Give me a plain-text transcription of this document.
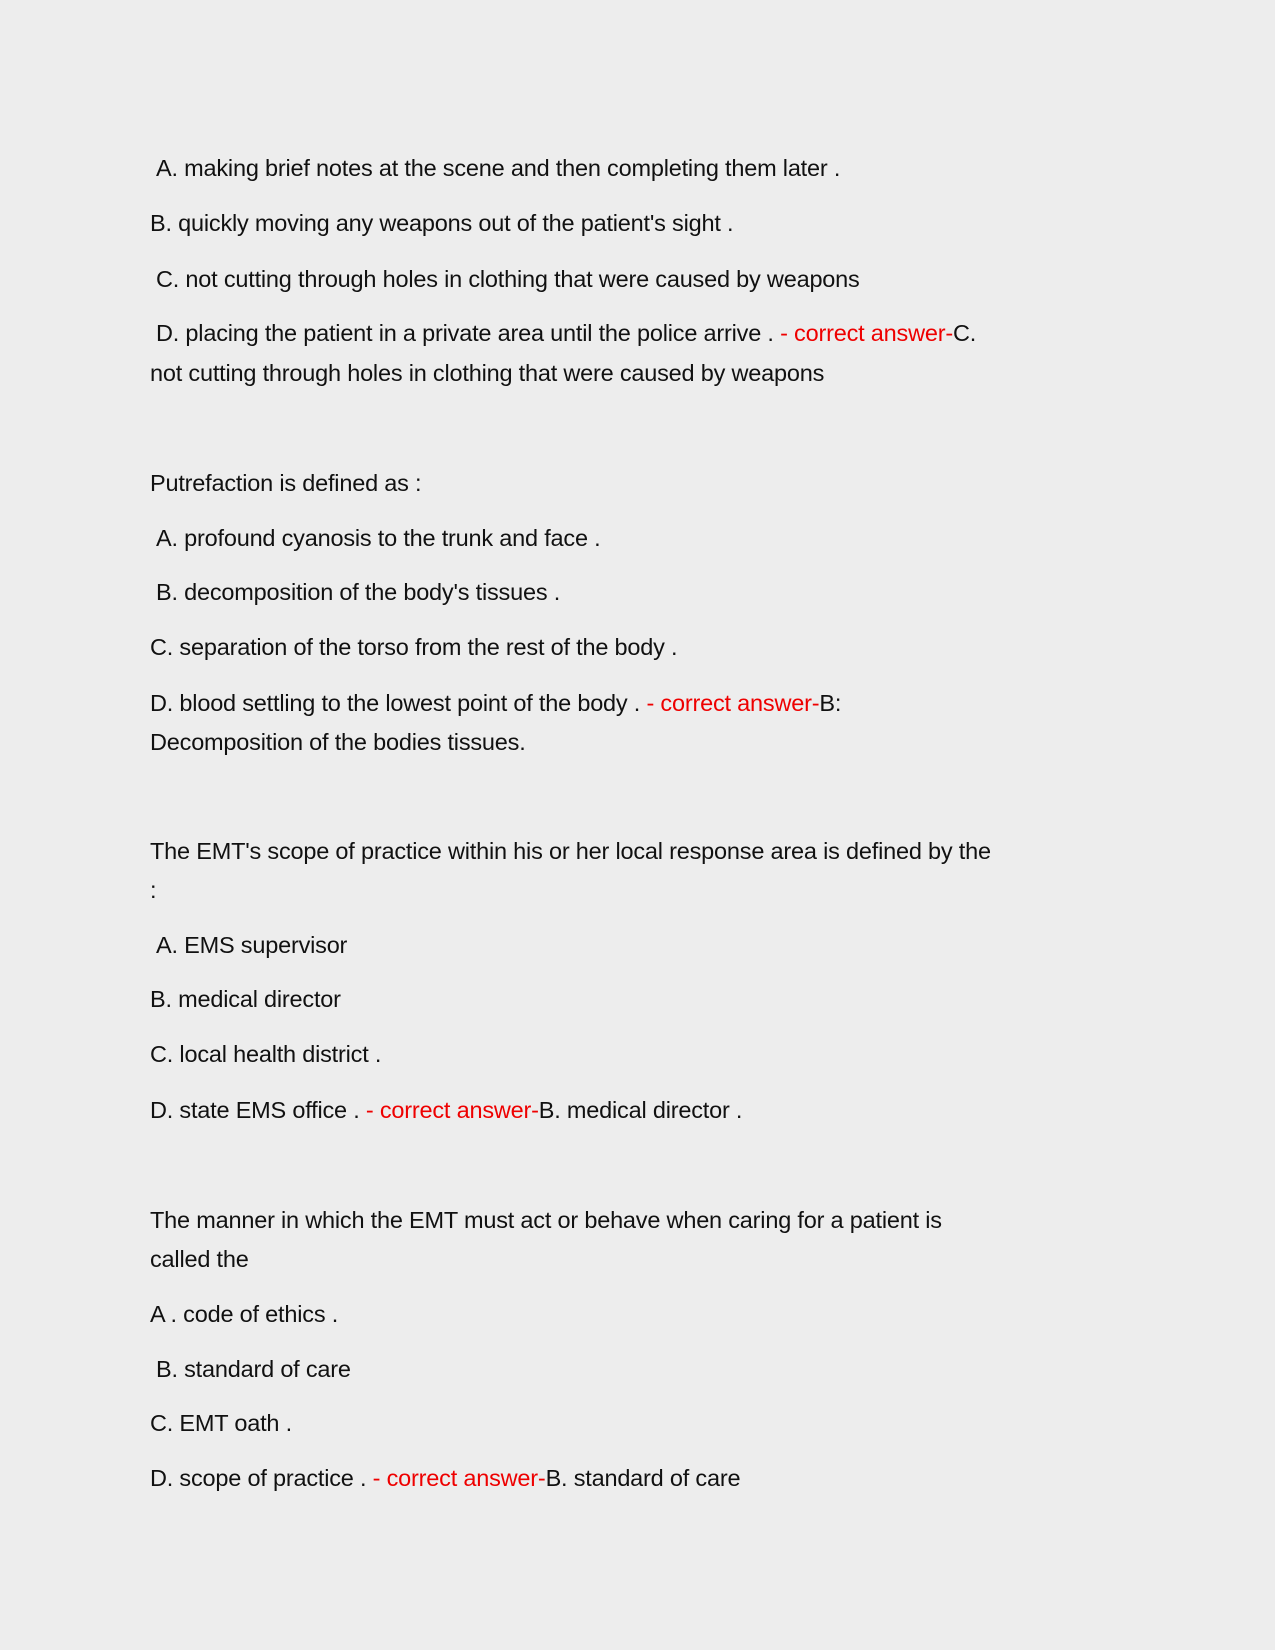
A. making brief notes at the scene and then completing them later .
B. quickly moving any weapons out of the patient's sight .
C. not cutting through holes in clothing that were caused by weapons
D. placing the patient in a private area until the police arrive . - correct answer-C.
not cutting through holes in clothing that were caused by weapons
Putrefaction is defined as :
A. profound cyanosis to the trunk and face .
B. decomposition of the body's tissues .
C. separation of the torso from the rest of the body .
D. blood settling to the lowest point of the body . - correct answer-B:
Decomposition of the bodies tissues.
The EMT's scope of practice within his or her local response area is defined by the
:
A. EMS supervisor
B. medical director
C. local health district .
D. state EMS office . - correct answer-B. medical director .
The manner in which the EMT must act or behave when caring for a patient is
called the
A . code of ethics .
B. standard of care
C. EMT oath .
D. scope of practice . - correct answer-B. standard of care
